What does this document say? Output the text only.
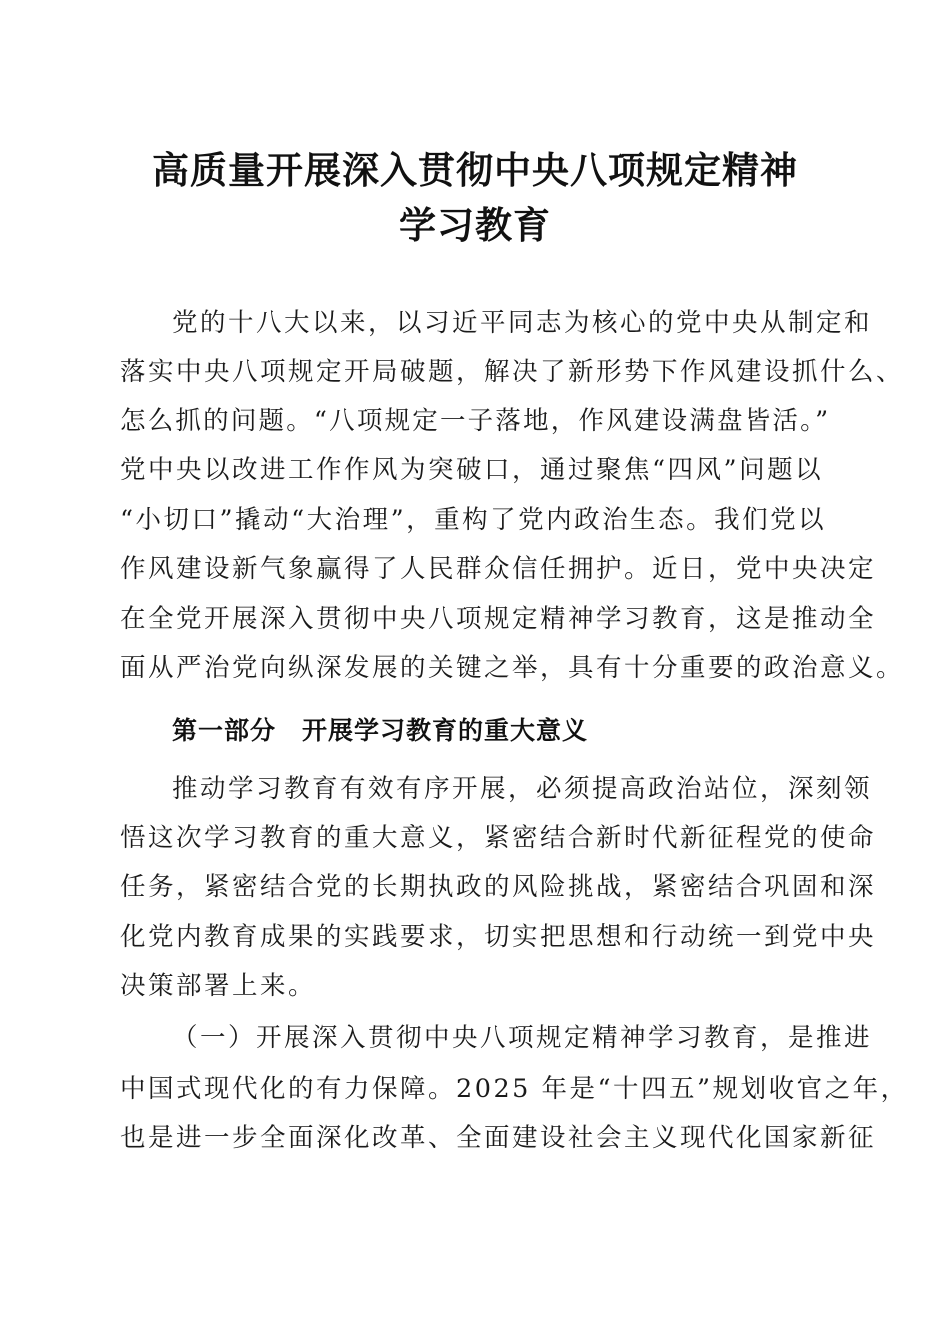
高质量开展深入贯彻中央八项规定精神
学习教育
党的十八大以来，以习近平同志为核心的党中央从制定和
落实中央八项规定开局破题，解决了新形势下作风建设抓什么、
怎么抓的问题。“八项规定一子落地，作风建设满盘皆活。”
党中央以改进工作作风为突破口，通过聚焦“四风”问题以
“小切口”撬动“大治理”，重构了党内政治生态。我们党以
作风建设新气象赢得了人民群众信任拥护。近日，党中央决定
在全党开展深入贯彻中央八项规定精神学习教育，这是推动全
面从严治党向纵深发展的关键之举，具有十分重要的政治意义。
第一部分　开展学习教育的重大意义
推动学习教育有效有序开展，必须提高政治站位，深刻领
悟这次学习教育的重大意义，紧密结合新时代新征程党的使命
任务，紧密结合党的长期执政的风险挑战，紧密结合巩固和深
化党内教育成果的实践要求，切实把思想和行动统一到党中央
决策部署上来。
（一）开展深入贯彻中央八项规定精神学习教育，是推进
中国式现代化的有力保障。2025 年是“十四五”规划收官之年，
也是进一步全面深化改革、全面建设社会主义现代化国家新征
